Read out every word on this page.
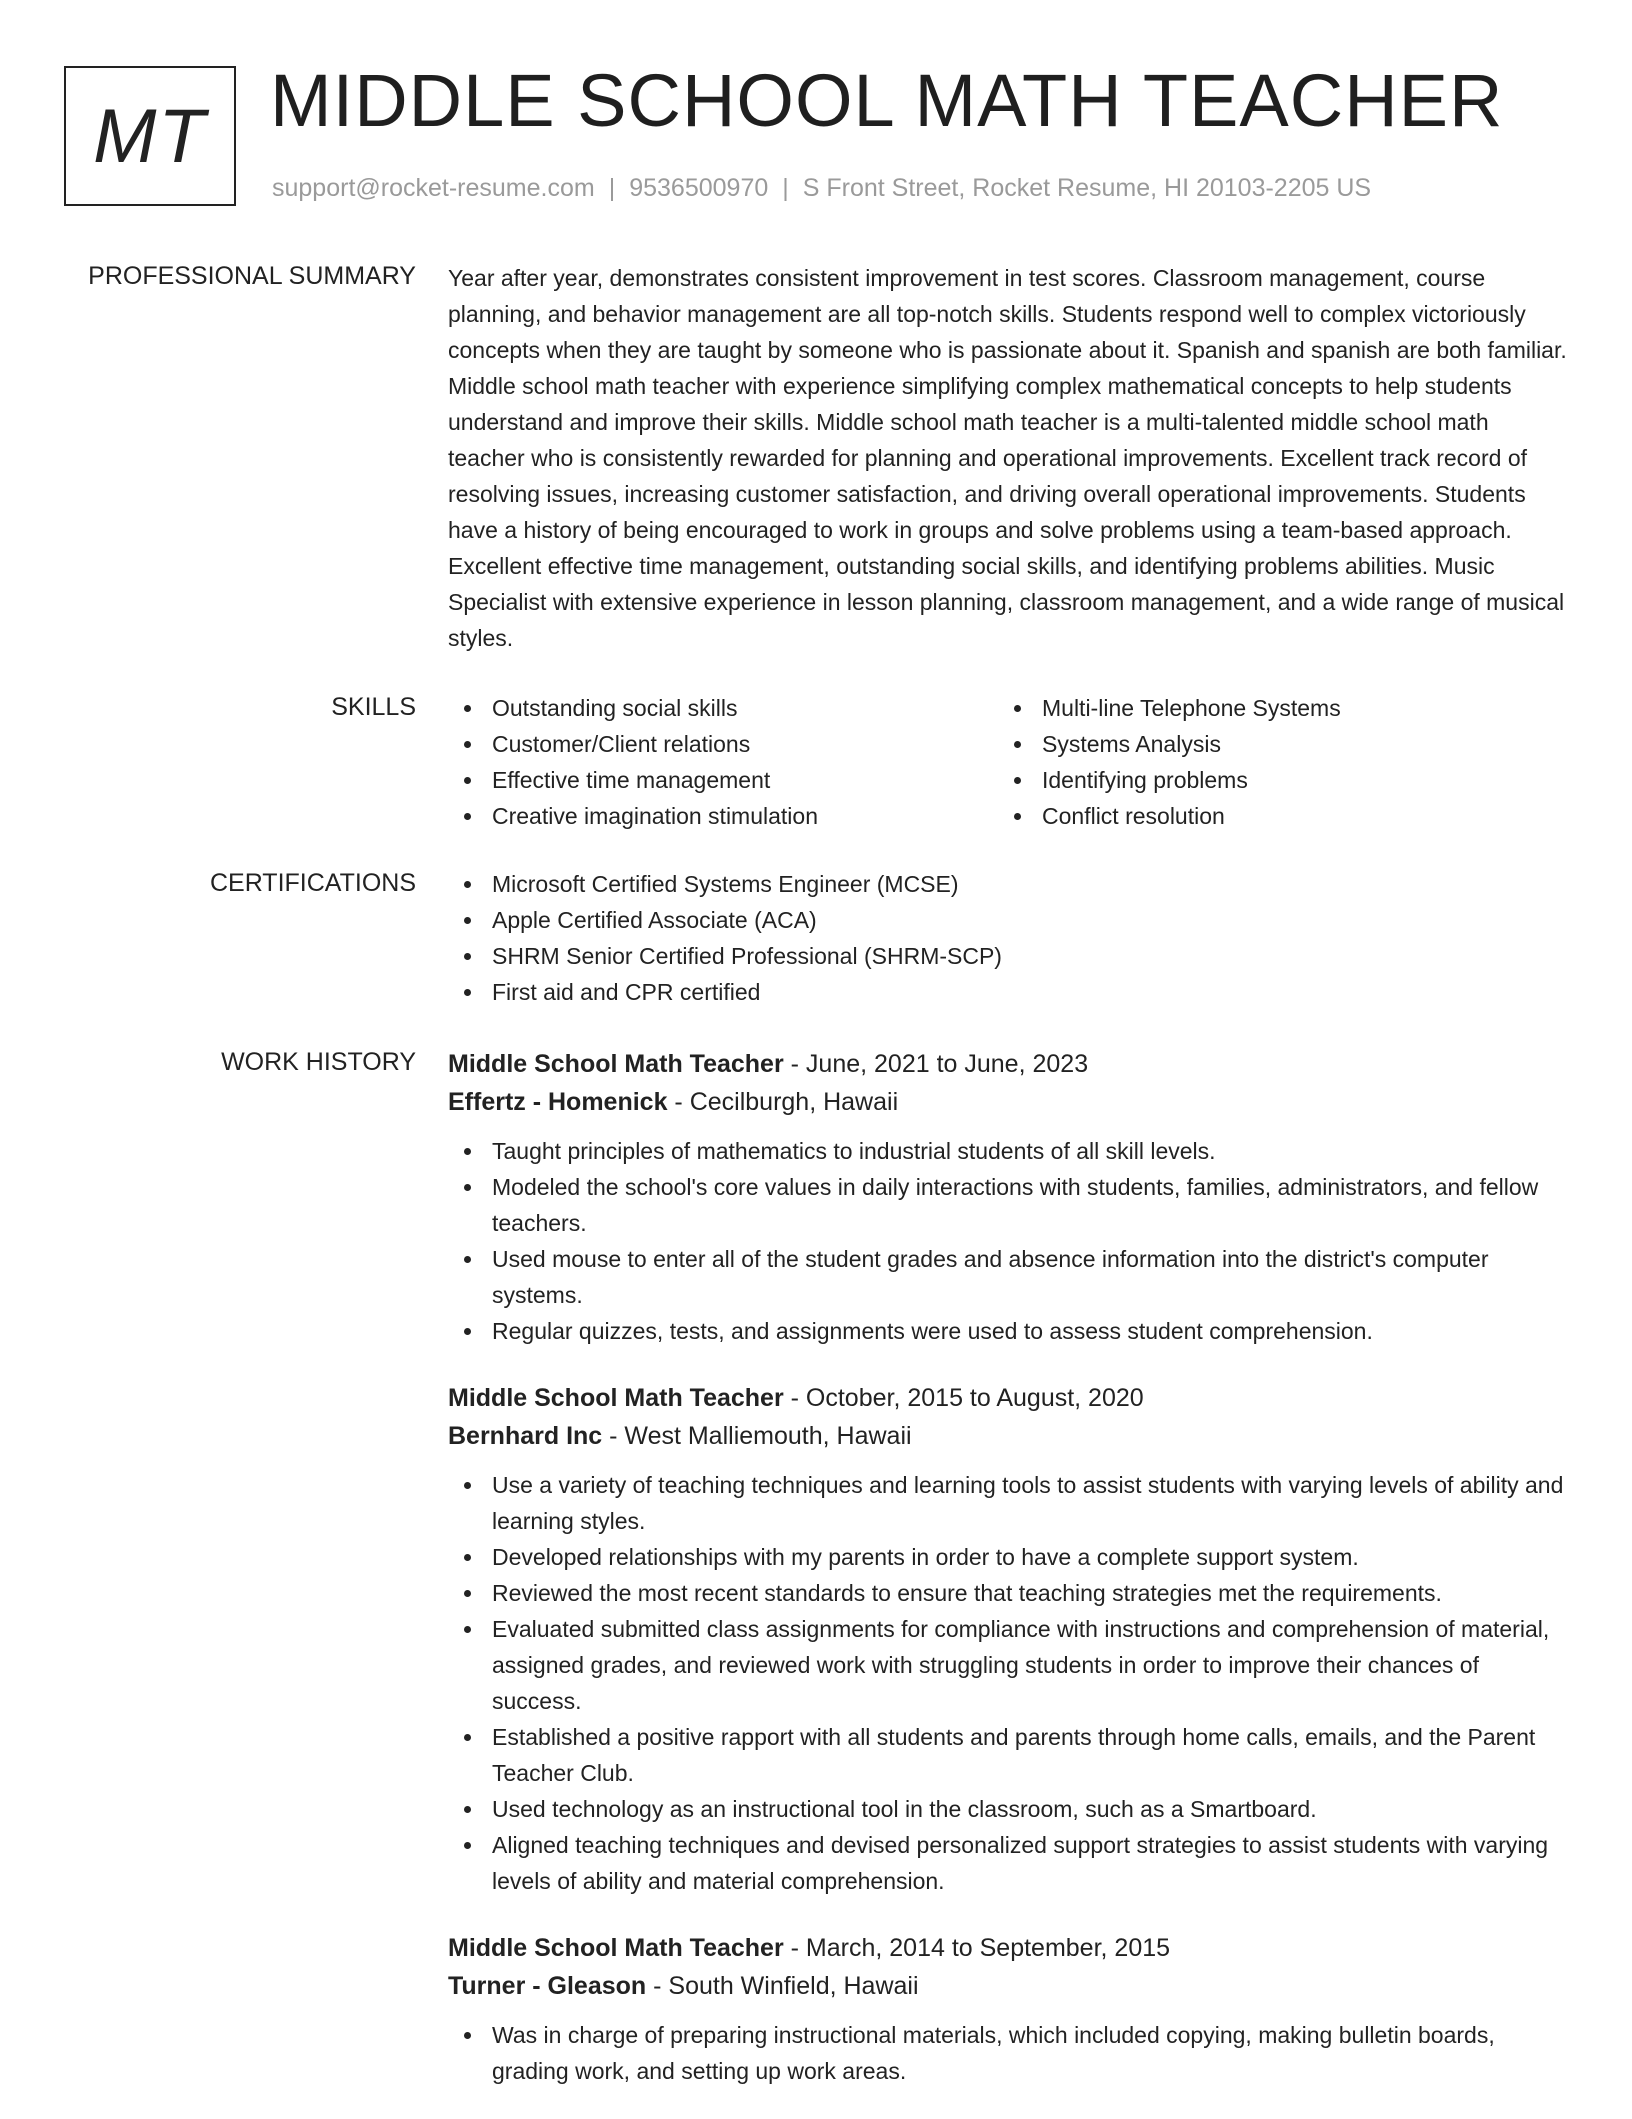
MT MIDDLE SCHOOL MATH TEACHER
support@rocket-resume.com | 9536500970 | S Front Street, Rocket Resume, HI 20103-2205 US
PROFESSIONAL SUMMARY Year after year, demonstrates consistent improvement in test scores. Classroom management, course planning, and behavior management are all top-notch skills. Students respond well to complex victoriously concepts when they are taught by someone who is passionate about it. Spanish and spanish are both familiar. Middle school math teacher with experience simplifying complex mathematical concepts to help students understand and improve their skills. Middle school math teacher is a multi-talented middle school math teacher who is consistently rewarded for planning and operational improvements. Excellent track record of resolving issues, increasing customer satisfaction, and driving overall operational improvements. Students have a history of being encouraged to work in groups and solve problems using a team-based approach. Excellent effective time management, outstanding social skills, and identifying problems abilities. Music Specialist with extensive experience in lesson planning, classroom management, and a wide range of musical styles.

SKILLS	Outstanding social skills
Customer/Client relations
Effective time management
Creative imagination stimulation
Multi-line Telephone Systems
Systems Analysis
Identifying problems
Conflict resolution
CERTIFICATIONS	Microsoft Certified Systems Engineer (MCSE)
Apple Certified Associate (ACA)
SHRM Senior Certified Professional (SHRM-SCP)
First aid and CPR certified
WORK HISTORY Middle School Math Teacher - June, 2021 to June, 2023
Effertz - Homenick - Cecilburgh, Hawaii
Taught principles of mathematics to industrial students of all skill levels.
Modeled the school's core values in daily interactions with students, families, administrators, and fellow teachers.
Used mouse to enter all of the student grades and absence information into the district's computer systems.
Regular quizzes, tests, and assignments were used to assess student comprehension.
Middle School Math Teacher - October, 2015 to August, 2020
Bernhard Inc - West Malliemouth, Hawaii
Use a variety of teaching techniques and learning tools to assist students with varying levels of ability and learning styles.
Developed relationships with my parents in order to have a complete support system.
Reviewed the most recent standards to ensure that teaching strategies met the requirements.
Evaluated submitted class assignments for compliance with instructions and comprehension of material, assigned grades, and reviewed work with struggling students in order to improve their chances of success.
Established a positive rapport with all students and parents through home calls, emails, and the Parent Teacher Club.
Used technology as an instructional tool in the classroom, such as a Smartboard.
Aligned teaching techniques and devised personalized support strategies to assist students with varying levels of ability and material comprehension.
Middle School Math Teacher - March, 2014 to September, 2015
Turner - Gleason - South Winfield, Hawaii
Was in charge of preparing instructional materials, which included copying, making bulletin boards, grading work, and setting up work areas.
